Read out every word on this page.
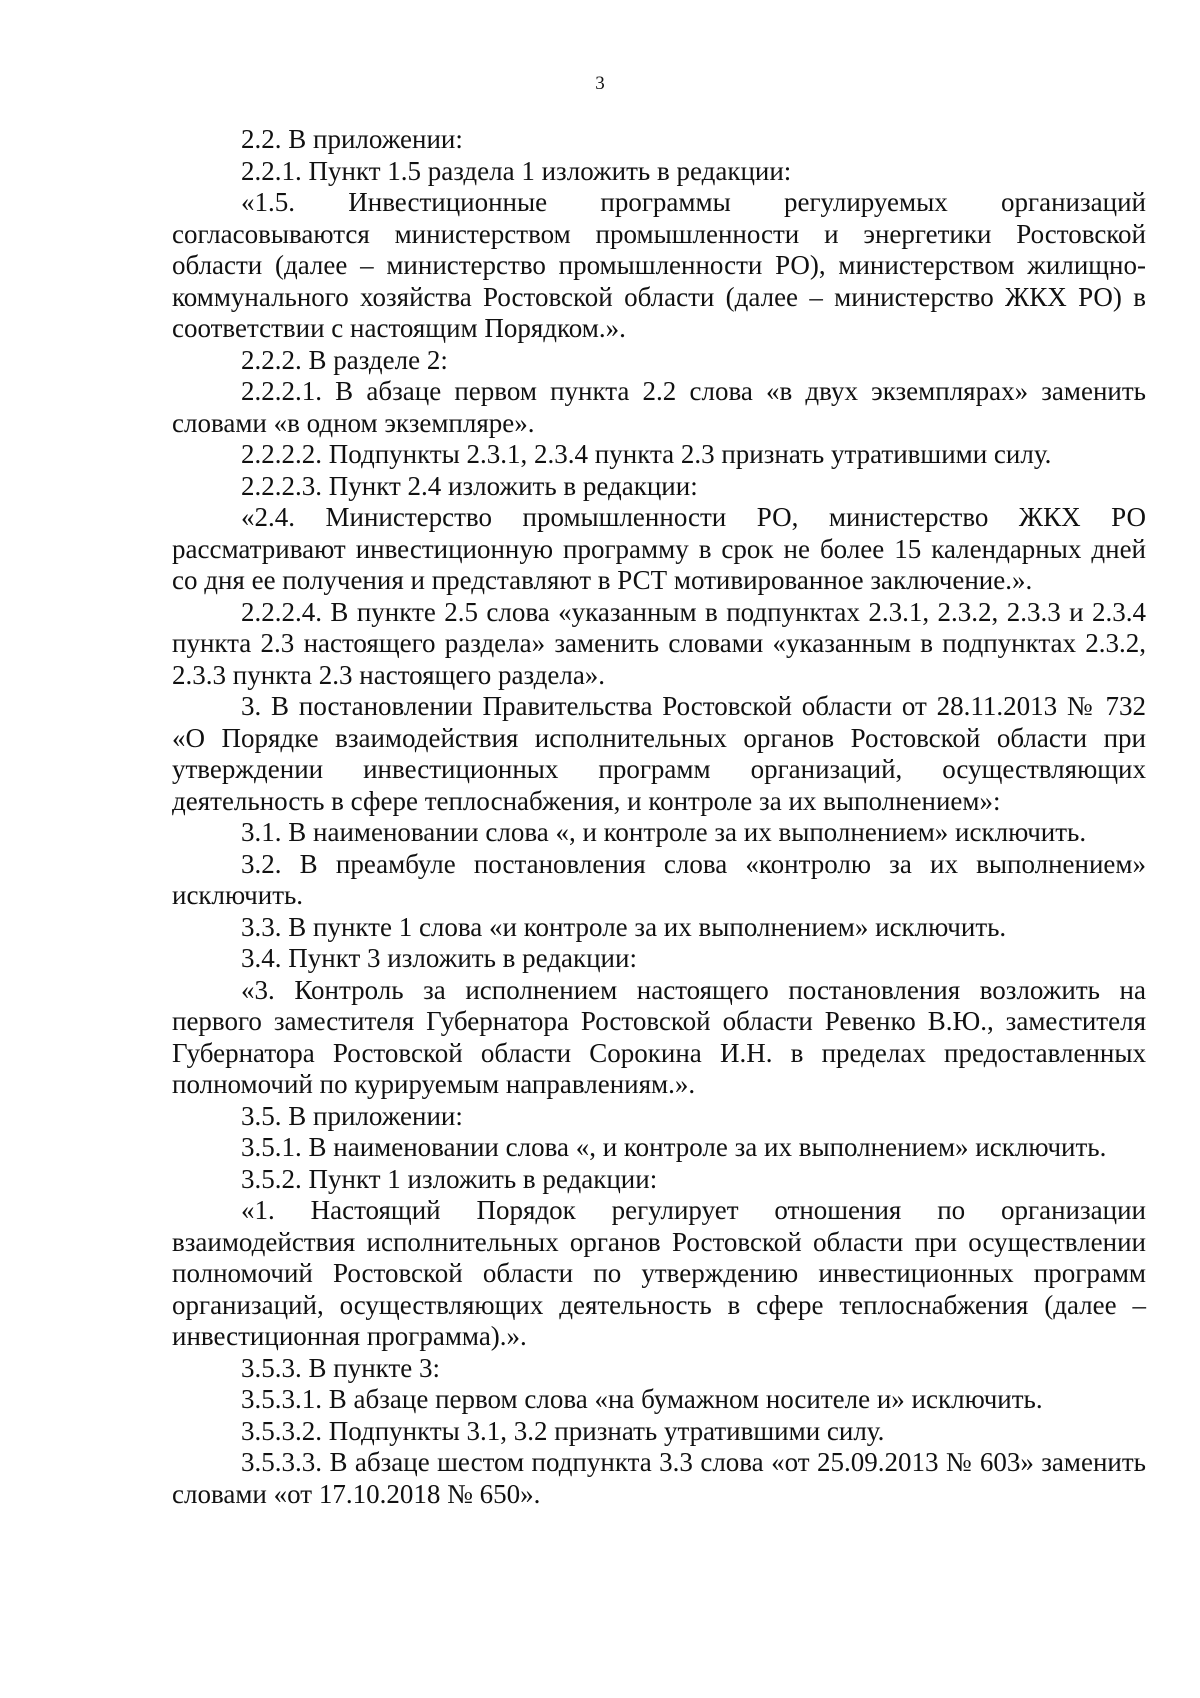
3

2.2. В приложении:

2.2.1. Пункт 1.5 раздела 1 изложить в редакции:

«1.5. Инвестиционные программы регулируемых организаций согласовываются министерством промышленности и энергетики Ростовской области (далее – министерство промышленности РО), министерством жилищно-коммунального хозяйства Ростовской области (далее – министерство ЖКХ РО) в соответствии с настоящим Порядком.».

2.2.2. В разделе 2:

2.2.2.1. В абзаце первом пункта 2.2 слова «в двух экземплярах» заменить словами «в одном экземпляре».

2.2.2.2. Подпункты 2.3.1, 2.3.4 пункта 2.3 признать утратившими силу.

2.2.2.3. Пункт 2.4 изложить в редакции:

«2.4. Министерство промышленности РО, министерство ЖКХ РО рассматривают инвестиционную программу в срок не более 15 календарных дней со дня ее получения и представляют в РСТ мотивированное заключение.».

2.2.2.4. В пункте 2.5 слова «указанным в подпунктах 2.3.1, 2.3.2, 2.3.3 и 2.3.4 пункта 2.3 настоящего раздела» заменить словами «указанным в подпунктах 2.3.2, 2.3.3 пункта 2.3 настоящего раздела».

3. В постановлении Правительства Ростовской области от 28.11.2013 № 732 «О Порядке взаимодействия исполнительных органов Ростовской области при утверждении инвестиционных программ организаций, осуществляющих деятельность в сфере теплоснабжения, и контроле за их выполнением»:

3.1. В наименовании слова «, и контроле за их выполнением» исключить.

3.2. В преамбуле постановления слова «контролю за их выполнением» исключить.

3.3. В пункте 1 слова «и контроле за их выполнением» исключить.

3.4. Пункт 3 изложить в редакции:

«3. Контроль за исполнением настоящего постановления возложить на первого заместителя Губернатора Ростовской области Ревенко В.Ю., заместителя Губернатора Ростовской области Сорокина И.Н. в пределах предоставленных полномочий по курируемым направлениям.».

3.5. В приложении:

3.5.1. В наименовании слова «, и контроле за их выполнением» исключить.

3.5.2. Пункт 1 изложить в редакции:

«1. Настоящий Порядок регулирует отношения по организации взаимодействия исполнительных органов Ростовской области при осуществлении полномочий Ростовской области по утверждению инвестиционных программ организаций, осуществляющих деятельность в сфере теплоснабжения (далее – инвестиционная программа).».

3.5.3. В пункте 3:

3.5.3.1. В абзаце первом слова «на бумажном носителе и» исключить.

3.5.3.2. Подпункты 3.1, 3.2 признать утратившими силу.

3.5.3.3. В абзаце шестом подпункта 3.3 слова «от 25.09.2013 № 603» заменить словами «от 17.10.2018 № 650».
